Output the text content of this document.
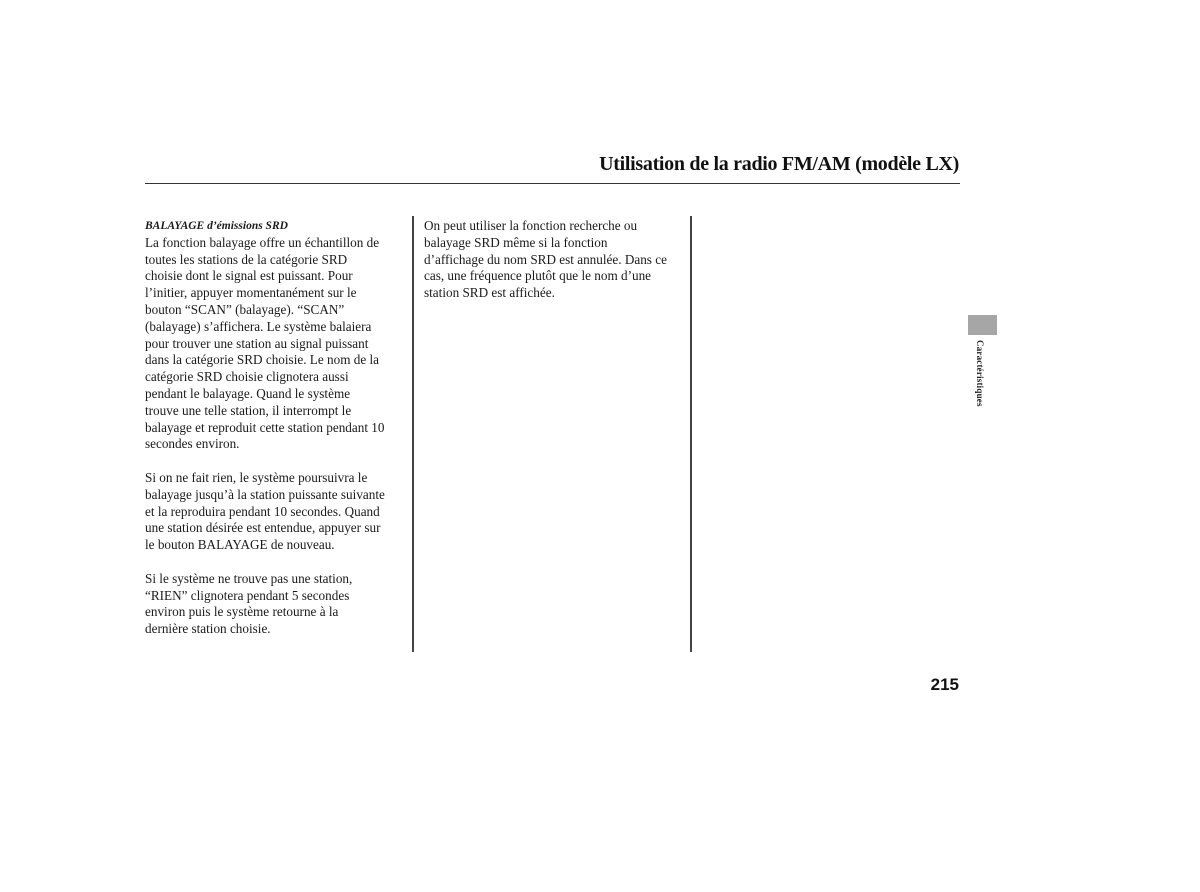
Utilisation de la radio FM/AM (modèle LX)
BALAYAGE d’émissions SRD

La fonction balayage offre un échantillon de
toutes les stations de la catégorie SRD
choisie dont le signal est puissant. Pour
l’initier, appuyer momentanément sur le
bouton “SCAN” (balayage). “SCAN”
(balayage) s’affichera. Le système balaiera
pour trouver une station au signal puissant
dans la catégorie SRD choisie. Le nom de la
catégorie SRD choisie clignotera aussi
pendant le balayage. Quand le système
trouve une telle station, il interrompt le
balayage et reproduit cette station pendant 10
secondes environ.

Si on ne fait rien, le système poursuivra le
balayage jusqu’à la station puissante suivante
et la reproduira pendant 10 secondes. Quand
une station désirée est entendue, appuyer sur
le bouton BALAYAGE de nouveau.

Si le système ne trouve pas une station,
“RIEN” clignotera pendant 5 secondes
environ puis le système retourne à la
dernière station choisie.

On peut utiliser la fonction recherche ou
balayage SRD même si la fonction
d’affichage du nom SRD est annulée. Dans ce
cas, une fréquence plutôt que le nom d’une
station SRD est affichée.

Caractéristiques
215
